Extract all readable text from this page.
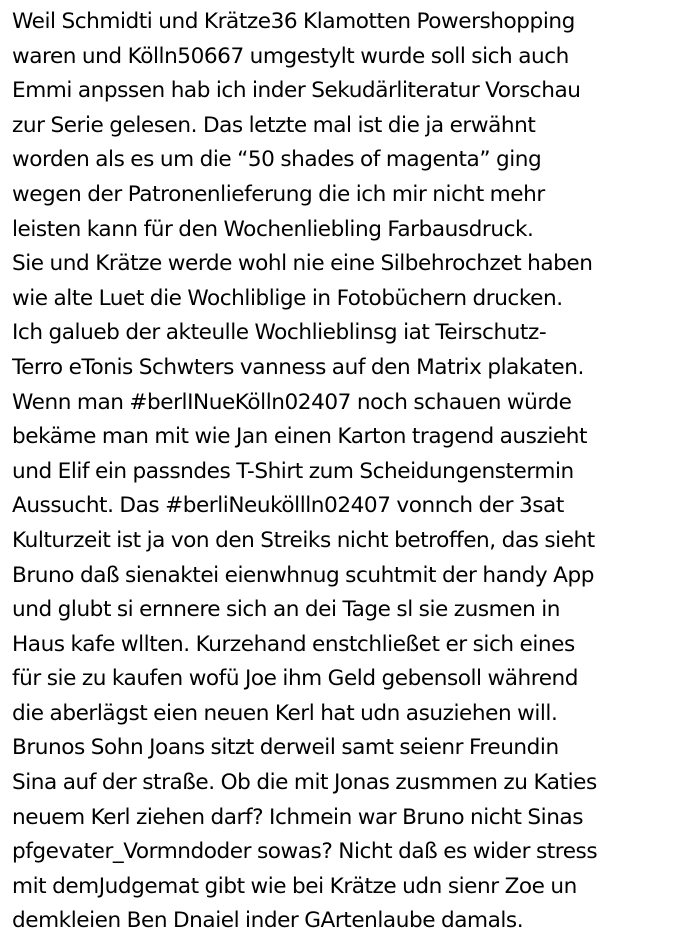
Weil Schmidti und Krätze36 Klamotten Powershopping
waren und Kölln50667 umgestylt wurde soll sich auch
Emmi anpssen hab ich inder Sekudärliteratur Vorschau
zur Serie gelesen. Das letzte mal ist die ja erwähnt
worden als es um die “50 shades of magenta” ging
wegen der Patronenlieferung die ich mir nicht mehr
leisten kann für den Wochenliebling Farbausdruck.
Sie und Krätze werde wohl nie eine Silbehrochzet haben
wie alte Luet die Wochliblige in Fotobüchern drucken.
Ich galueb der akteulle Wochlieblinsg iat Teirschutz-
Terro eTonis Schwters vanness auf den Matrix plakaten.
Wenn man #berlINueKölln02407 noch schauen würde
bekäme man mit wie Jan einen Karton tragend auszieht
und Elif ein passndes T-Shirt zum Scheidungenstermin
Aussucht. Das #berliNeuköllln02407 vonnch der 3sat
Kulturzeit ist ja von den Streiks nicht betroffen, das sieht
Bruno daß sienaktei eienwhnug scuhtmit der handy App
und glubt si ernnere sich an dei Tage sl sie zusmen in
Haus kafe wllten. Kurzehand enstchließet er sich eines
für sie zu kaufen wofü Joe ihm Geld gebensoll während
die aberlägst eien neuen Kerl hat udn asuziehen will.
Brunos Sohn Joans sitzt derweil samt seienr Freundin
Sina auf der straße. Ob die mit Jonas zusmmen zu Katies
neuem Kerl ziehen darf? Ichmein war Bruno nicht Sinas
pfgevater_Vormndoder sowas? Nicht daß es wider stress
mit demJudgemat gibt wie bei Krätze udn sienr Zoe un
demkleien Ben Dnaiel inder GArtenlaube damals.
